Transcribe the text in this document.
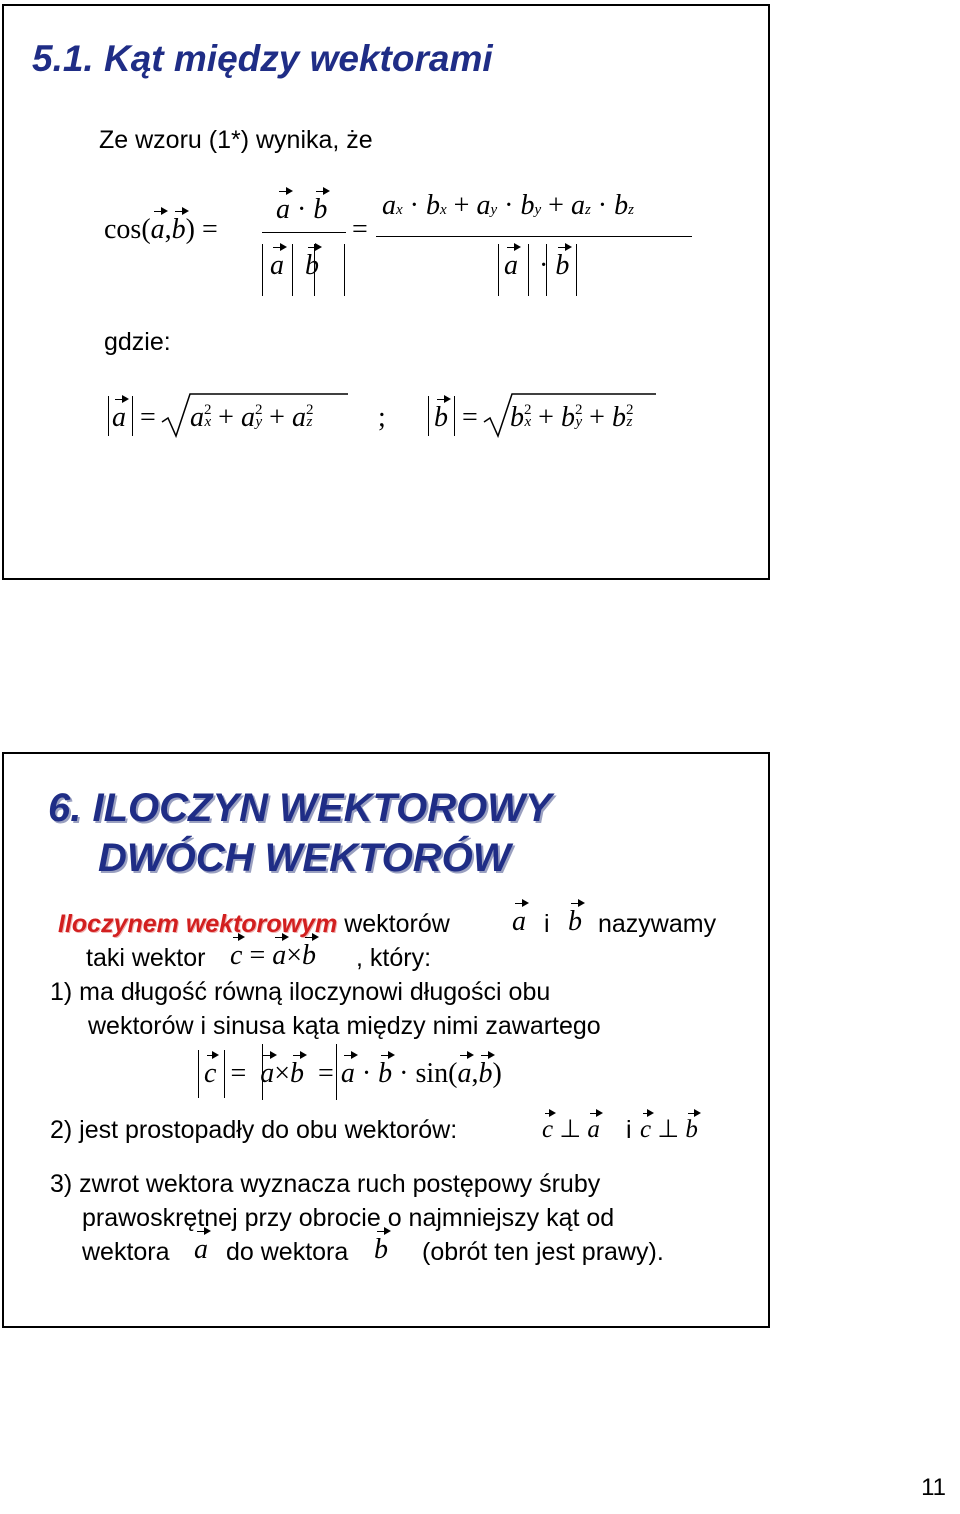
5.1. Kąt między wektorami
Ze wzoru (1*) wynika, że
cos(a,b) =
a · b
a b
=
ax · bx + ay · by + az · bz
a   · b
gdzie:
$a = a^2x + a^2y + a^2z$ ; $b = b^2x + b^2y + b^2z$
6. ILOCZYN WEKTOROWY
DWÓCH WEKTORÓW
Iloczynem wektorowym wektorów a i b nazywamy
taki wektor c = a×b , który:
1) ma długość równą iloczynowi długości obu
wektorów i sinusa kąta między nimi zawartego
c  =  a×b  = a · b · sin(a,b)
2) jest prostopadły do obu wektorów:	c ⊥ a i c ⊥ b
3) zwrot wektora wyznacza ruch postępowy śruby
prawoskrętnej przy obrocie o najmniejszy kąt od
wektora a do wektora b (obrót ten jest prawy).
11
